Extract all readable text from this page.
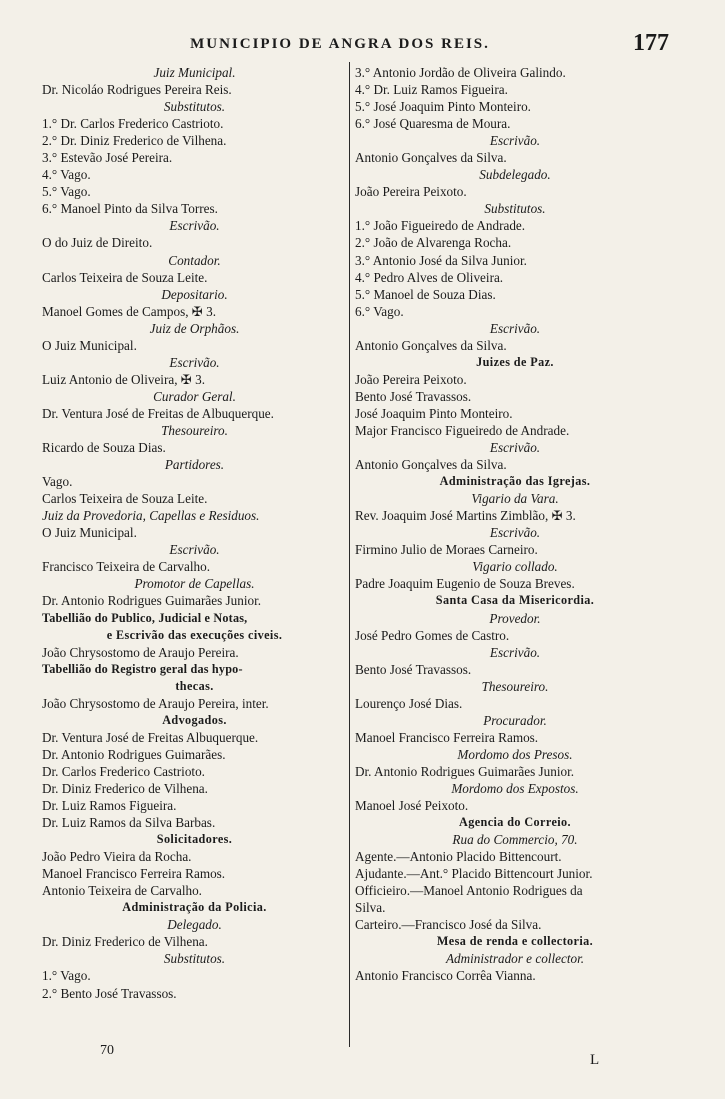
MUNICIPIO DE ANGRA DOS REIS.	177
Juiz Municipal.
Dr. Nicoláo Rodrigues Pereira Reis.
Substitutos.
1.° Dr. Carlos Frederico Castrioto.
2.° Dr. Diniz Frederico de Vilhena.
3.° Estevão José Pereira.
4.° Vago.
5.° Vago.
6.° Manoel Pinto da Silva Torres.
Escrivão.
O do Juiz de Direito.
Contador.
Carlos Teixeira de Souza Leite.
Depositario.
Manoel Gomes de Campos, ✠ 3.
Juiz de Orphãos.
O Juiz Municipal.
Escrivão.
Luiz Antonio de Oliveira, ✠ 3.
Curador Geral.
Dr. Ventura José de Freitas de Albuquerque.
Thesoureiro.
Ricardo de Souza Dias.
Partidores.
Vago.
Carlos Teixeira de Souza Leite.
Juiz da Provedoria, Capellas e Residuos.
O Juiz Municipal.
Escrivão.
Francisco Teixeira de Carvalho.
Promotor de Capellas.
Dr. Antonio Rodrigues Guimarães Junior.
Tabellião do Publico, Judicial e Notas,
e Escrivão das execuções civeis.
João Chrysostomo de Araujo Pereira.
Tabellião do Registro geral das hypo-
thecas.
João Chrysostomo de Araujo Pereira, inter.
Advogados.
Dr. Ventura José de Freitas Albuquerque.
Dr. Antonio Rodrigues Guimarães.
Dr. Carlos Frederico Castrioto.
Dr. Diniz Frederico de Vilhena.
Dr. Luiz Ramos Figueira.
Dr. Luiz Ramos da Silva Barbas.
Solicitadores.
João Pedro Vieira da Rocha.
Manoel Francisco Ferreira Ramos.
Antonio Teixeira de Carvalho.
Administração da Policia.
Delegado.
Dr. Diniz Frederico de Vilhena.
Substitutos.
1.° Vago.
2.° Bento José Travassos.
3.° Antonio Jordão de Oliveira Galindo.
4.° Dr. Luiz Ramos Figueira.
5.° José Joaquim Pinto Monteiro.
6.° José Quaresma de Moura.
Escrivão.
Antonio Gonçalves da Silva.
Subdelegado.
João Pereira Peixoto.
Substitutos.
1.° João Figueiredo de Andrade.
2.° João de Alvarenga Rocha.
3.° Antonio José da Silva Junior.
4.° Pedro Alves de Oliveira.
5.° Manoel de Souza Dias.
6.° Vago.
Escrivão.
Antonio Gonçalves da Silva.
Juizes de Paz.
João Pereira Peixoto.
Bento José Travassos.
José Joaquim Pinto Monteiro.
Major Francisco Figueiredo de Andrade.
Escrivão.
Antonio Gonçalves da Silva.
Administração das Igrejas.
Vigario da Vara.
Rev. Joaquim José Martins Zimblão, ✠ 3.
Escrivão.
Firmino Julio de Moraes Carneiro.
Vigario collado.
Padre Joaquim Eugenio de Souza Breves.
Santa Casa da Misericordia.
Provedor.
José Pedro Gomes de Castro.
Escrivão.
Bento José Travassos.
Thesoureiro.
Lourenço José Dias.
Procurador.
Manoel Francisco Ferreira Ramos.
Mordomo dos Presos.
Dr. Antonio Rodrigues Guimarães Junior.
Mordomo dos Expostos.
Manoel José Peixoto.
Agencia do Correio.
Rua do Commercio, 70.
Agente.—Antonio Placido Bittencourt.
Ajudante.—Ant.° Placido Bittencourt Junior.
Officieiro.—Manoel Antonio Rodrigues da
Silva.
Carteiro.—Francisco José da Silva.
Mesa de renda e collectoria.
Administrador e collector.
Antonio Francisco Corrêa Vianna.
70
L
